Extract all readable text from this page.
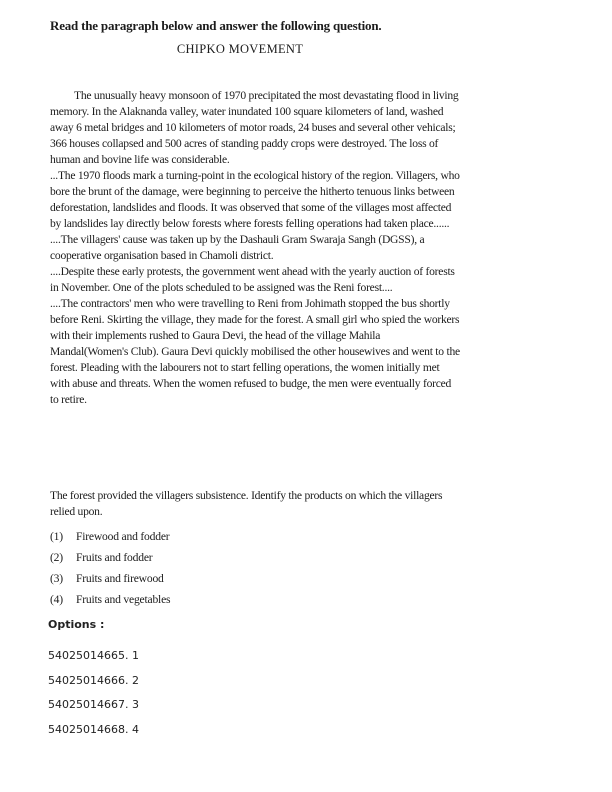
Read the paragraph below and answer the following question.
CHIPKO MOVEMENT

The unusually heavy monsoon of 1970 precipitated the most devastating flood in living memory. In the Alaknanda valley, water inundated 100 square kilometers of land, washed away 6 metal bridges and 10 kilometers of motor roads, 24 buses and several other vehicals; 366 houses collapsed and 500 acres of standing paddy crops were destroyed. The loss of human and bovine life was considerable.

...The 1970 floods mark a turning-point in the ecological history of the region. Villagers, who bore the brunt of the damage, were beginning to perceive the hitherto tenuous links between deforestation, landslides and floods. It was observed that some of the villages most affected by landslides lay directly below forests where forests felling operations had taken place......

....The villagers' cause was taken up by the Dashauli Gram Swaraja Sangh (DGSS), a cooperative organisation based in Chamoli district.

....Despite these early protests, the government went ahead with the yearly auction of forests in November. One of the plots scheduled to be assigned was the Reni forest....

....The contractors' men who were travelling to Reni from Johimath stopped the bus shortly before Reni. Skirting the village, they made for the forest. A small girl who spied the workers with their implements rushed to Gaura Devi, the head of the village Mahila Mandal(Women's Club). Gaura Devi quickly mobilised the other housewives and went to the forest. Pleading with the labourers not to start felling operations, the women initially met with abuse and threats. When the women refused to budge, the men were eventually forced to retire.

The forest provided the villagers subsistence. Identify the products on which the villagers relied upon.
(1) Firewood and fodder
(2) Fruits and fodder
(3) Fruits and firewood
(4) Fruits and vegetables
Options :
54025014665. 1
54025014666. 2
54025014667. 3
54025014668. 4
